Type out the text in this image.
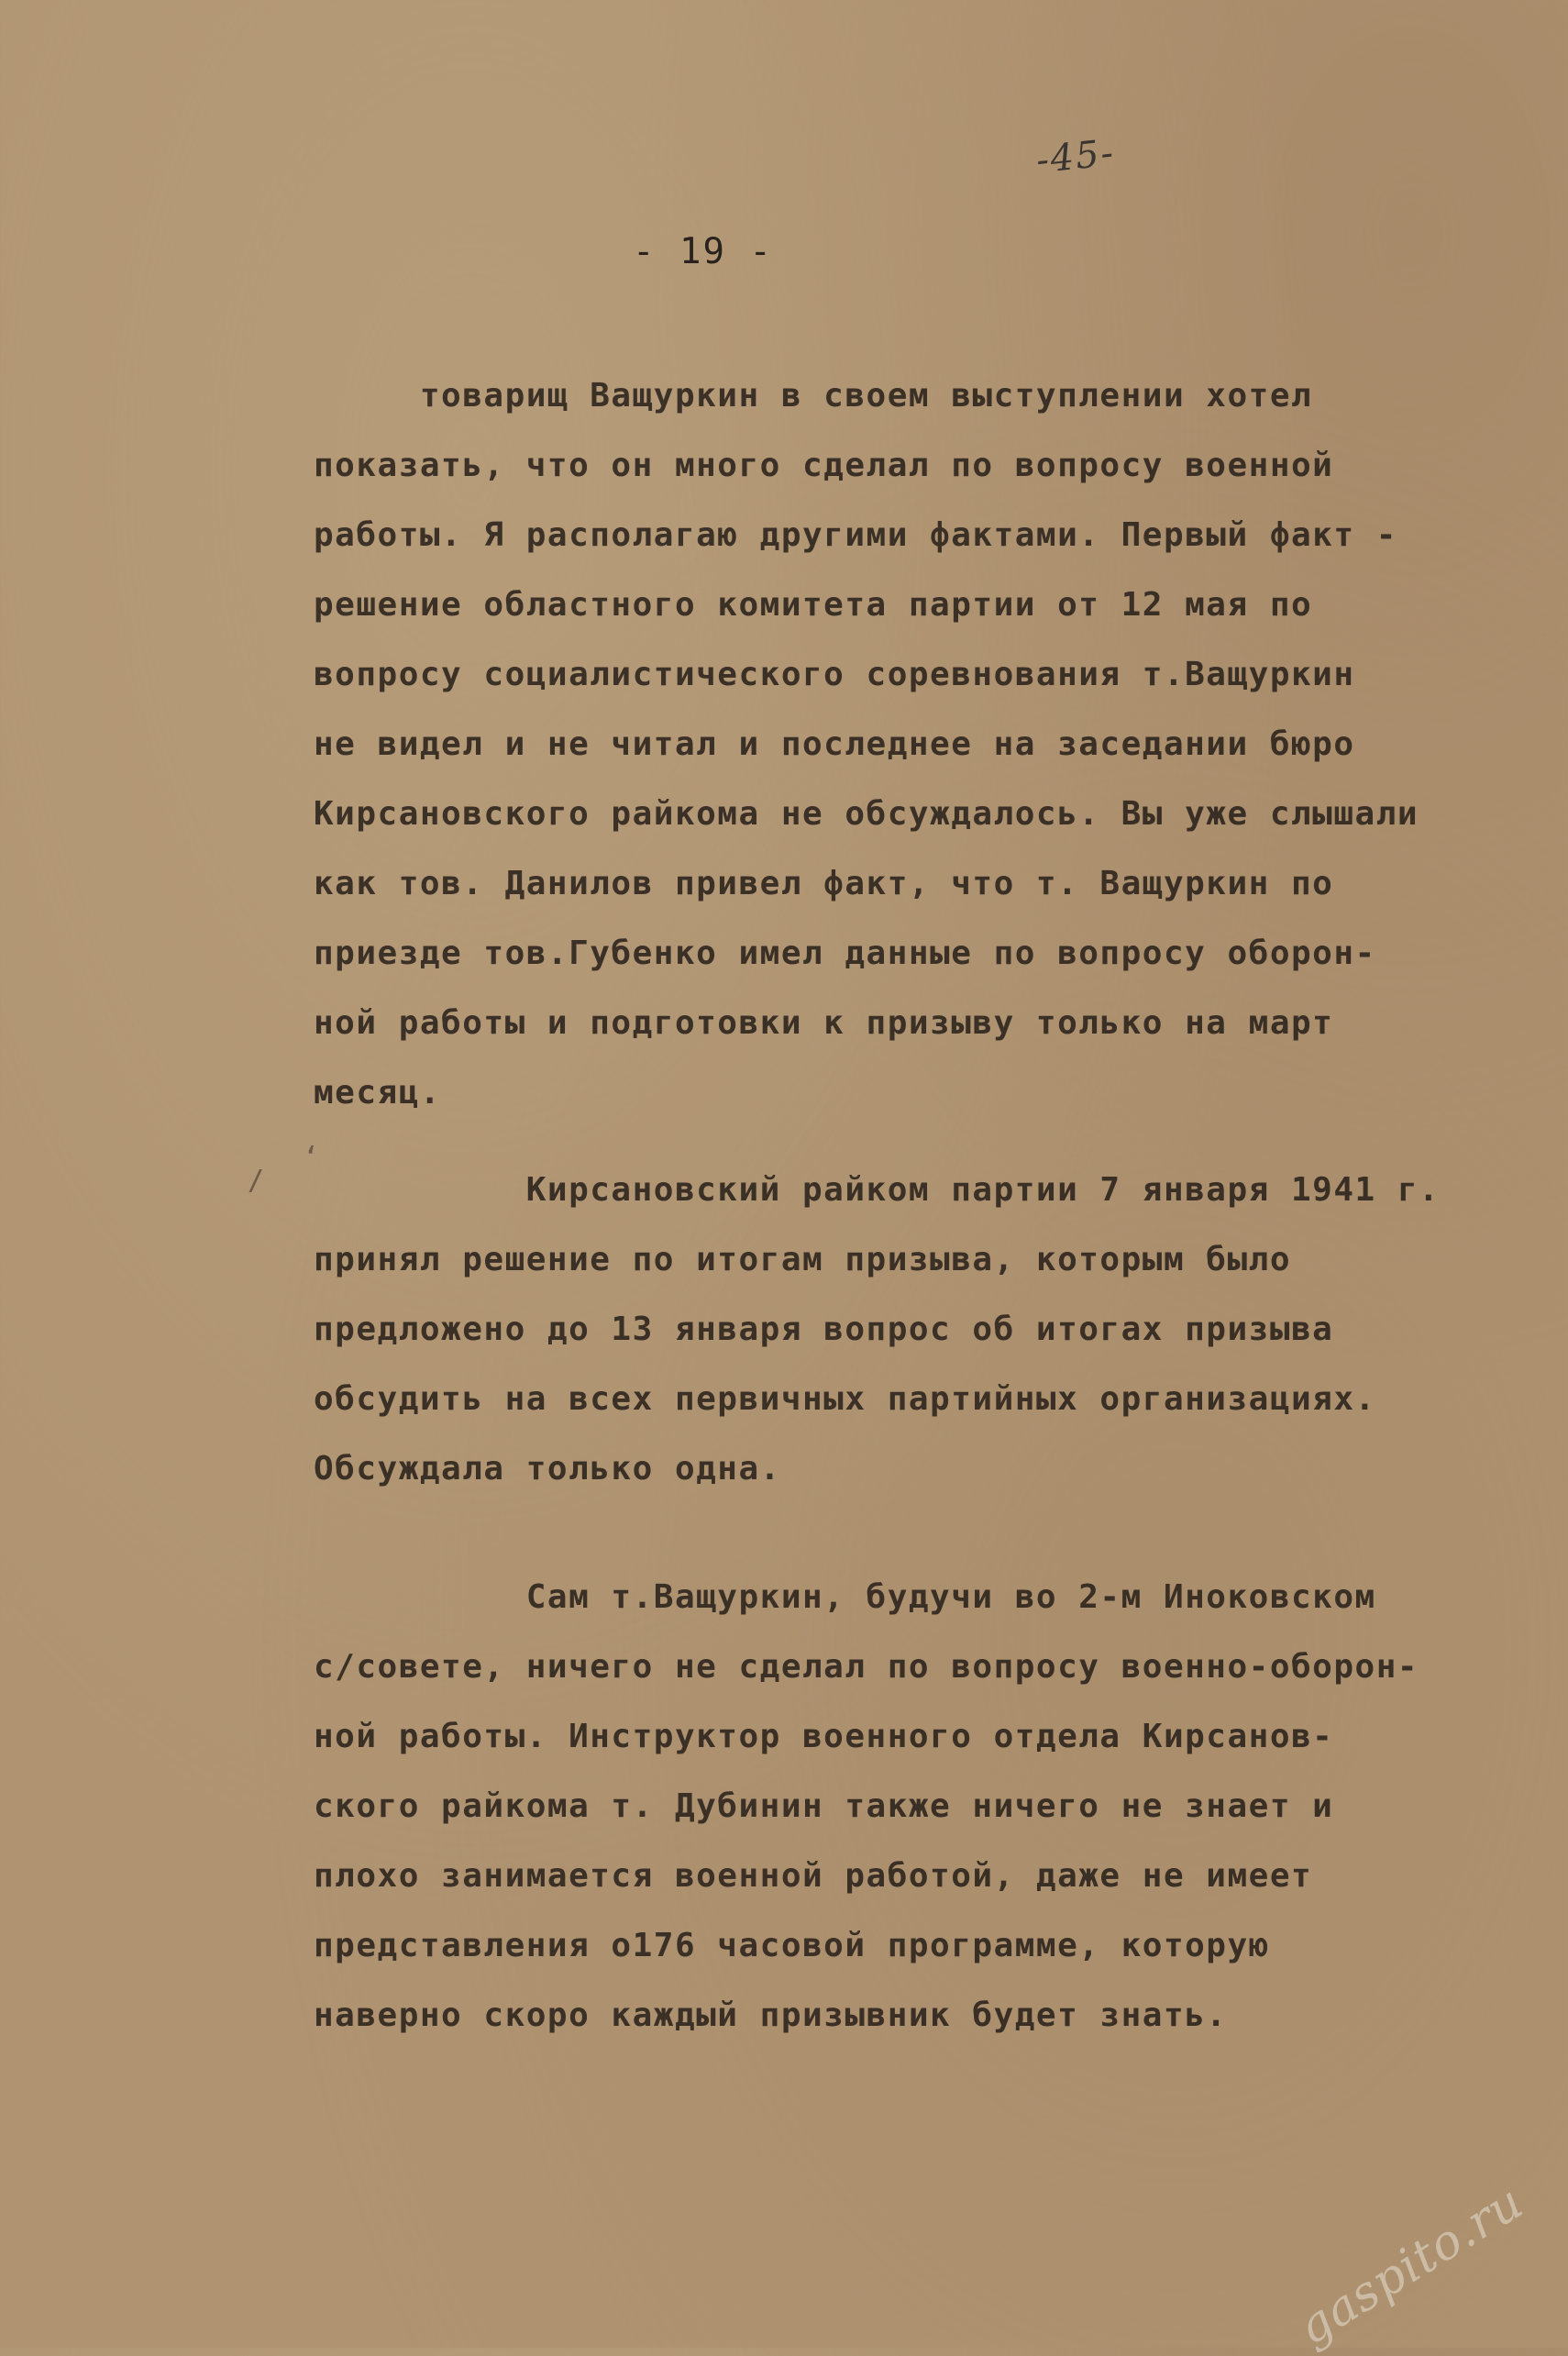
-45-
- 19 -
товарищ Ващуркин в своем выступлении хотел
показать, что он много сделал по вопросу военной
работы. Я располагаю другими фактами. Первый факт -
решение областного комитета партии от 12 мая по
вопросу социалистического соревнования т.Ващуркин
не видел и не читал и последнее на заседании бюро
Кирсановского райкома не обсуждалось. Вы уже слышали
как тов. Данилов привел факт, что т. Ващуркин по
приезде тов.Губенко имел данные по вопросу оборон-
ной работы и подготовки к призыву только на март
месяц.
Кирсановский райком партии 7 января 1941 г.
принял решение по итогам призыва, которым было
предложено до 13 января вопрос об итогах призыва
обсудить на всех первичных партийных организациях.
Обсуждала только одна.
Сам т.Ващуркин, будучи во 2-м Иноковском
с/совете, ничего не сделал по вопросу военно-оборон-
ной работы. Инструктор военного отдела Кирсанов-
ского райкома т. Дубинин также ничего не знает и
плохо занимается военной работой, даже не имеет
представления о176 часовой программе, которую
наверно скоро каждый призывник будет знать.
/
‘
gaspito.ru
